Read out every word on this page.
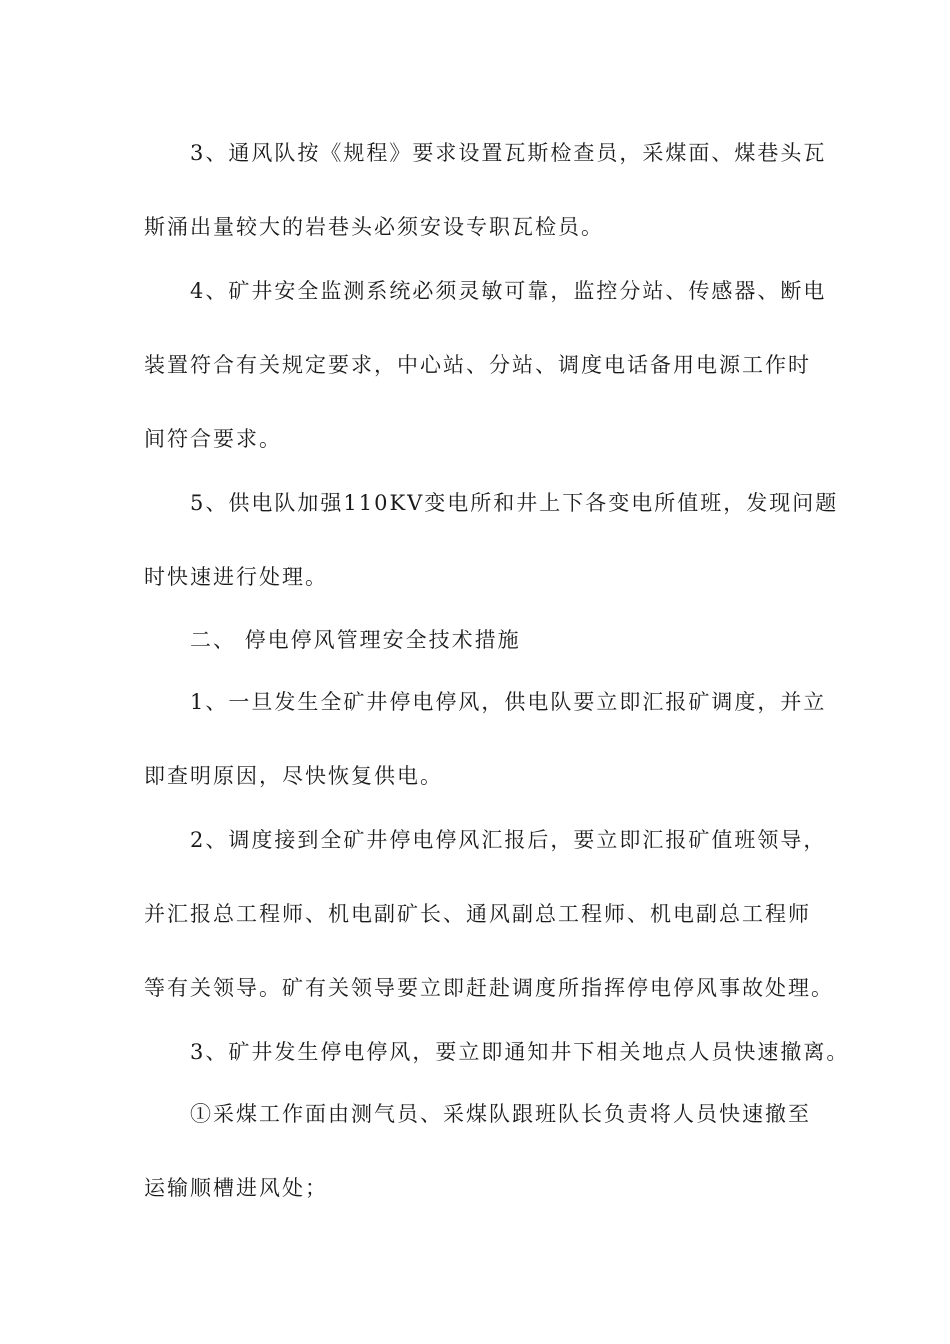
3、通风队按《规程》要求设置瓦斯检查员，采煤面、煤巷头瓦
斯涌出量较大的岩巷头必须安设专职瓦检员。
4、矿井安全监测系统必须灵敏可靠，监控分站、传感器、断电
装置符合有关规定要求，中心站、分站、调度电话备用电源工作时
间符合要求。
5、供电队加强110KV变电所和井上下各变电所值班，发现问题
时快速进行处理。
二、 停电停风管理安全技术措施
1、一旦发生全矿井停电停风，供电队要立即汇报矿调度，并立
即查明原因，尽快恢复供电。
2、调度接到全矿井停电停风汇报后，要立即汇报矿值班领导，
并汇报总工程师、机电副矿长、通风副总工程师、机电副总工程师
等有关领导。矿有关领导要立即赶赴调度所指挥停电停风事故处理。
3、矿井发生停电停风，要立即通知井下相关地点人员快速撤离。
①采煤工作面由测气员、采煤队跟班队长负责将人员快速撤至
运输顺槽进风处；
